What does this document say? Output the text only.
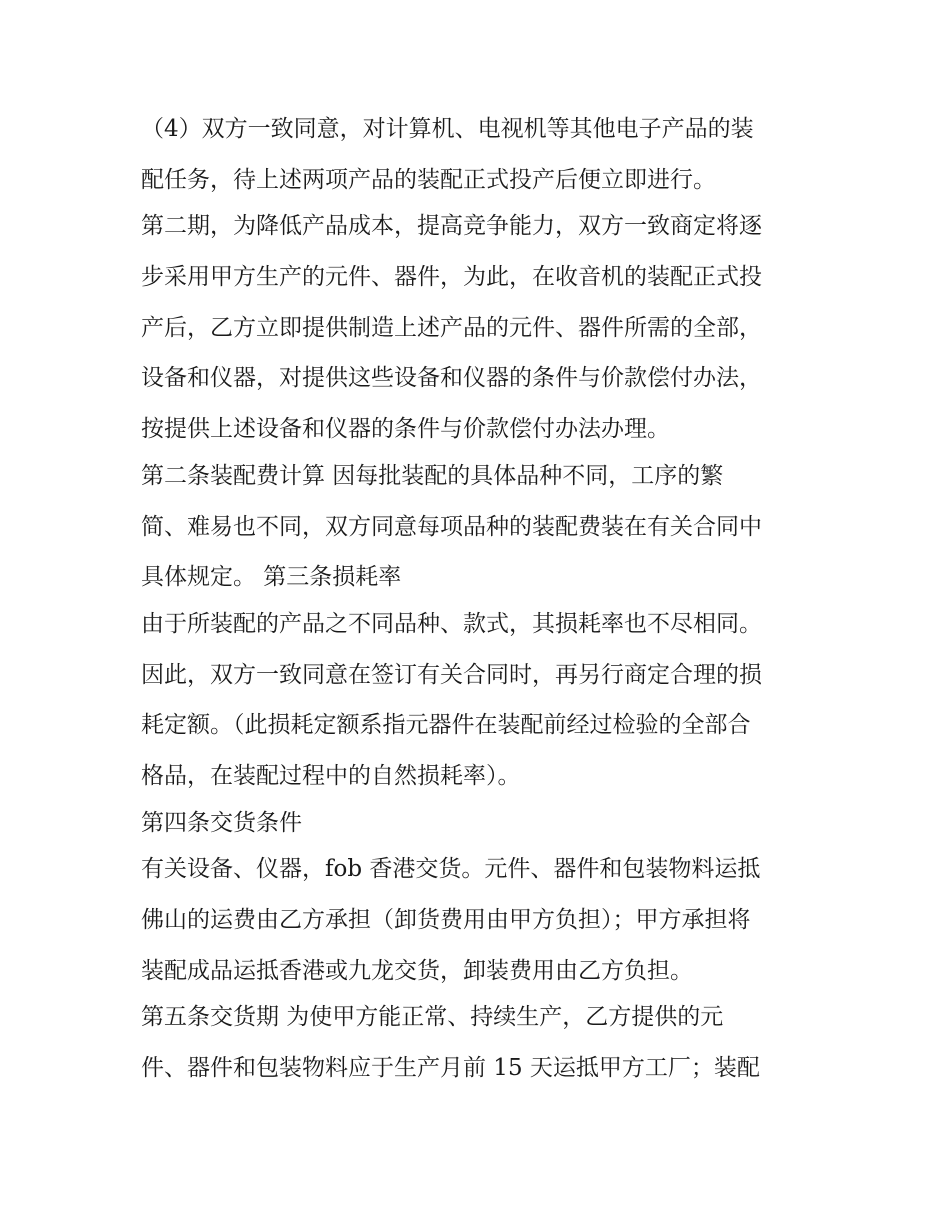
（4）双方一致同意，对计算机、电视机等其他电子产品的装
配任务，待上述两项产品的装配正式投产后便立即进行。
第二期，为降低产品成本，提高竞争能力，双方一致商定将逐
步采用甲方生产的元件、器件，为此，在收音机的装配正式投
产后，乙方立即提供制造上述产品的元件、器件所需的全部，
设备和仪器，对提供这些设备和仪器的条件与价款偿付办法，
按提供上述设备和仪器的条件与价款偿付办法办理。
第二条装配费计算 因每批装配的具体品种不同，工序的繁
简、难易也不同，双方同意每项品种的装配费装在有关合同中
具体规定。 第三条损耗率
由于所装配的产品之不同品种、款式，其损耗率也不尽相同。
因此，双方一致同意在签订有关合同时，再另行商定合理的损
耗定额。（此损耗定额系指元器件在装配前经过检验的全部合
格品，在装配过程中的自然损耗率）。
第四条交货条件
有关设备、仪器，fob 香港交货。元件、器件和包装物料运抵
佛山的运费由乙方承担（卸货费用由甲方负担）；甲方承担将
装配成品运抵香港或九龙交货，卸装费用由乙方负担。
第五条交货期 为使甲方能正常、持续生产，乙方提供的元
件、器件和包装物料应于生产月前 15 天运抵甲方工厂；装配
